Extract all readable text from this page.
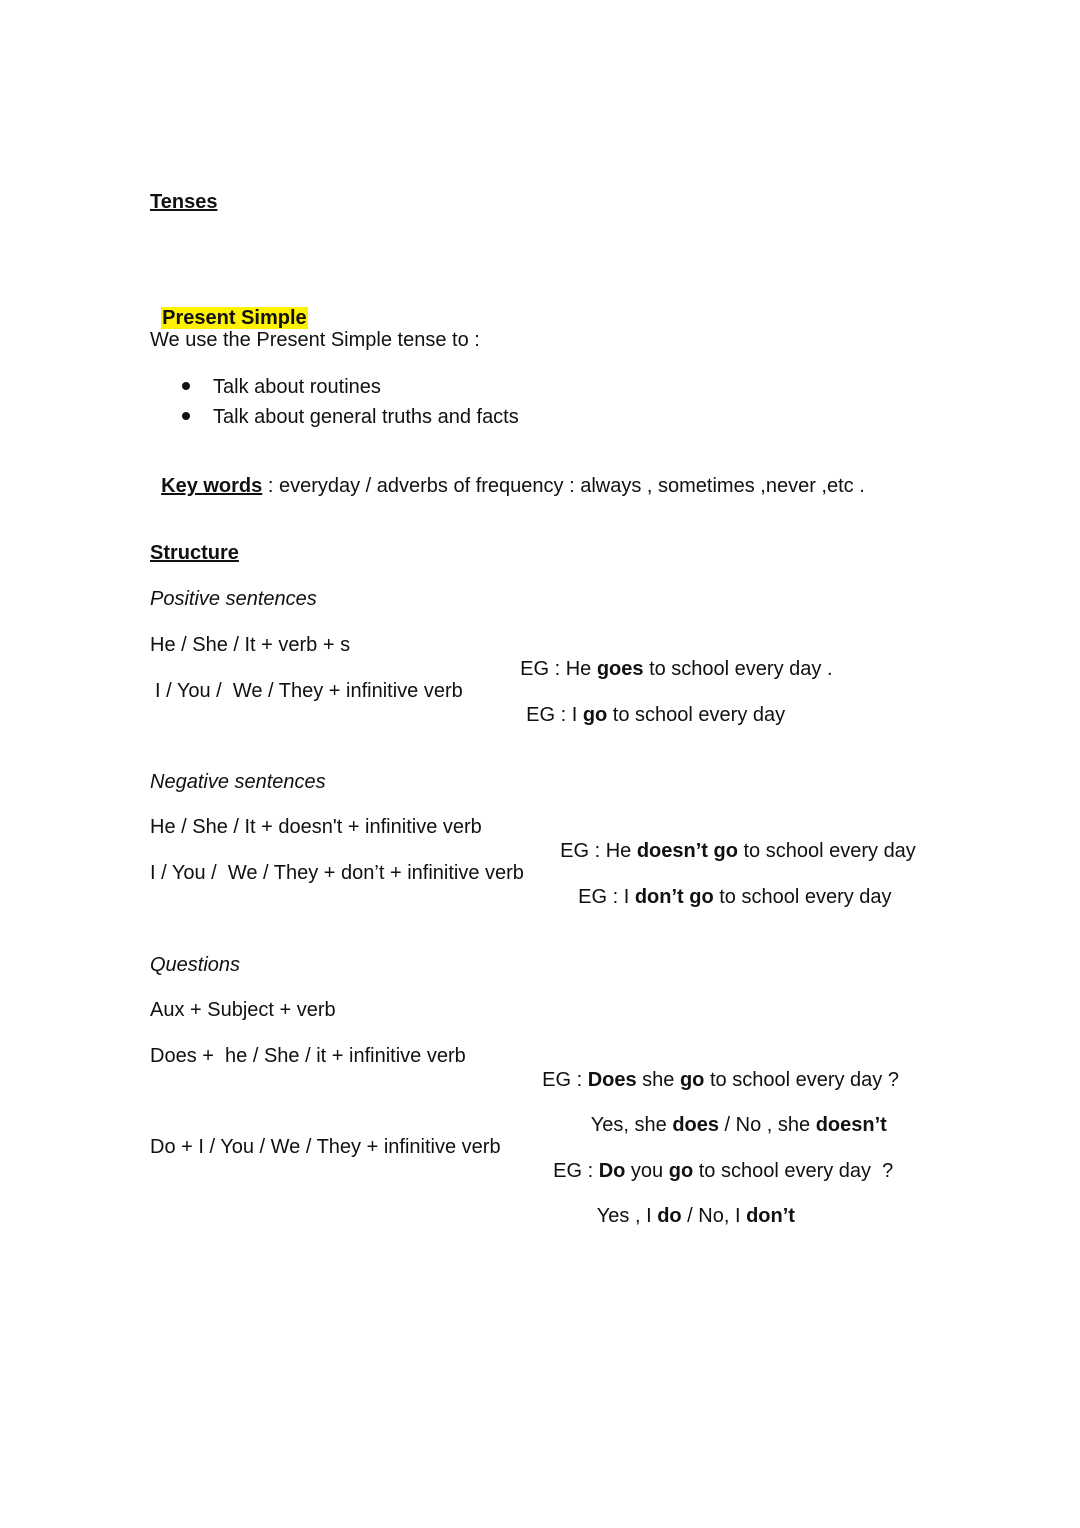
Tenses

Present Simple

We use the Present Simple tense to :
Talk about routines
Talk about general truths and facts

Key words : everyday / adverbs of frequency : always , sometimes ,never ,etc .

Structure
Positive sentences
He / She / It + verb + s

EG : He goes to school every day .

I / You /  We / They + infinitive verb

EG : I go to school every day

Negative sentences
He / She / It + doesn't + infinitive verb

EG : He doesn’t go to school every day

I / You /  We / They + don’t + infinitive verb

EG : I don’t go to school every day

Questions
Aux + Subject + verb
Does +  he / She / it + infinitive verb

EG : Does she go to school every day ?

Yes, she does / No , she doesn’t

Do + I / You / We / They + infinitive verb

EG : Do you go to school every day  ?

Yes , I do / No, I don’t
